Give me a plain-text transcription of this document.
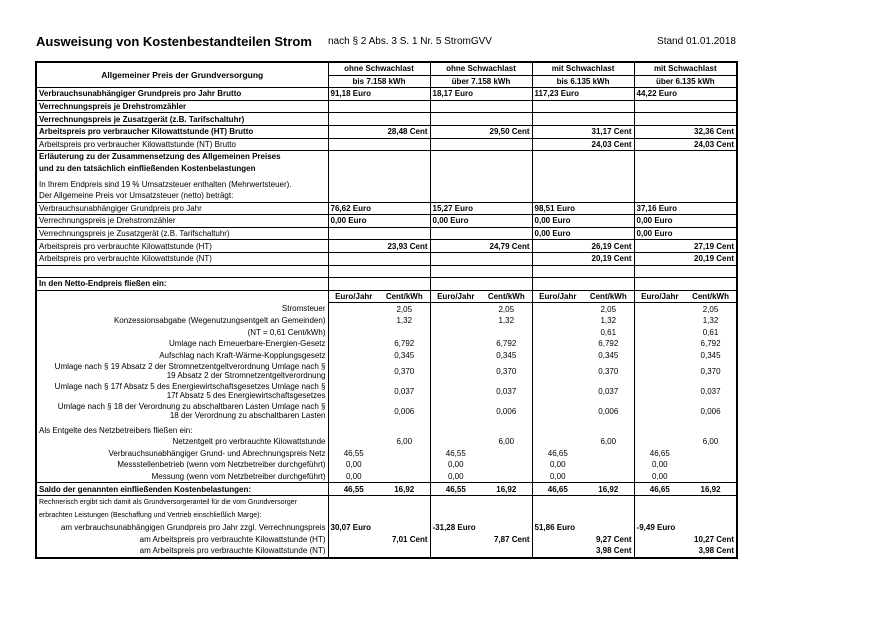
Ausweisung von Kostenbestandteilen Strom nach § 2 Abs. 3 S. 1 Nr. 5 StromGVV	Stand 01.01.2018
Allgemeiner Preis der Grundversorgung	ohne Schwachlast		ohne Schwachlast		mit Schwachlast		mit Schwachlast	
	bis 7.158 kWh		über 7.158 kWh		bis 6.135 kWh		über 6.135 kWh	
Verbrauchsunabhängiger Grundpreis pro Jahr Brutto	91,18 Euro		18,17 Euro		117,23 Euro		44,22 Euro	
Verrechnungspreis je Drehstromzähler								
Verrechnungspreis je Zusatzgerät (z.B. Tarifschaltuhr)								
Arbeitspreis pro verbraucher Kilowattstunde (HT) Brutto	28,48 Cent		29,50 Cent		31,17 Cent		32,36 Cent	
Arbeitspreis pro verbraucher Kilowattstunde (NT) Brutto					24,03 Cent		24,03 Cent	
Erläuterung zu der Zusammensetzung des Allgemeinen Preises								
und zu den tatsächlich einfließenden Kostenbelastungen								
In Ihrem Endpreis sind 19 % Umsatzsteuer enthalten (Mehrwertsteuer).								
Der Allgemeine Preis vor Umsatzsteuer (netto) beträgt:								
Verbrauchsunabhängiger Grundpreis pro Jahr	76,62 Euro		15,27 Euro		98,51 Euro		37,16 Euro	
Verrechnungspreis je Drehstromzähler	0,00 Euro		0,00 Euro		0,00 Euro		0,00 Euro	
Verrechnungspreis je Zusatzgerät (z.B. Tarifschaltuhr)					0,00 Euro		0,00 Euro	
Arbeitspreis pro verbrauchte Kilowattstunde (HT)	23,93 Cent		24,79 Cent		26,19 Cent		27,19 Cent	
Arbeitspreis pro verbrauchte Kilowattstunde (NT)					20,19 Cent		20,19 Cent	

In den Netto-Endpreis fließen ein:								
	Euro/Jahr	Cent/kWh	Euro/Jahr	Cent/kWh	Euro/Jahr	Cent/kWh	Euro/Jahr	Cent/kWh
Stromsteuer		2,05		2,05		2,05		2,05
Konzessionsabgabe (Wegenutzungsentgelt an Gemeinden)		1,32		1,32		1,32		1,32
(NT = 0,61 Cent/kWh)						0,61		0,61
Umlage nach Erneuerbare-Energien-Gesetz		6,792		6,792		6,792		6,792
Aufschlag nach Kraft-Wärme-Kopplungsgesetz		0,345		0,345		0,345		0,345
Umlage nach § 19 Absatz 2 der Stromnetzentgeltverordnung Umlage nach § 19 Absatz 2 der Stromnetzentgeltverordnung		0,370		0,370		0,370		0,370
Umlage nach § 17f Absatz 5 des Energiewirtschaftsgesetzes Umlage nach § 17f Absatz 5 des Energiewirtschaftsgesetzes		0,037		0,037		0,037		0,037
Umlage nach § 18 der Verordnung zu abschaltbaren Lasten Umlage nach § 18 der Verordnung zu abschaltbaren Lasten		0,006		0,006		0,006		0,006
Als Entgelte des Netzbetreibers fließen ein:								
Netzentgelt pro verbrauchte Kilowattstunde		6,00		6,00		6,00		6,00
Verbrauchsunabhängiger Grund- und Abrechnungspreis Netz	46,55		46,55		46,65		46,65	
Messstellenbetrieb (wenn vom Netzbetreiber durchgeführt)	0,00		0,00		0,00		0,00	
Messung (wenn vom Netzbetreiber durchgeführt)	0,00		0,00		0,00		0,00	
Saldo der genannten einfließenden Kostenbelastungen:	46,55	16,92	46,55	16,92	46,65	16,92	46,65	16,92
Rechnerisch ergibt sich damit als Grundversorgeranteil für die vom Grundversorger								
erbrachten Leistungen (Beschaffung und Vertrieb einschließlich Marge):								
am verbrauchsunabhängigen Grundpreis pro Jahr zzgl. Verrechnungspreis	30,07 Euro		-31,28 Euro		51,86 Euro		-9,49 Euro	
am Arbeitspreis pro verbrauchte Kilowattstunde (HT)		7,01 Cent		7,87 Cent		9,27 Cent		10,27 Cent
am Arbeitspreis pro verbrauchte Kilowattstunde (NT)						3,98 Cent		3,98 Cent
